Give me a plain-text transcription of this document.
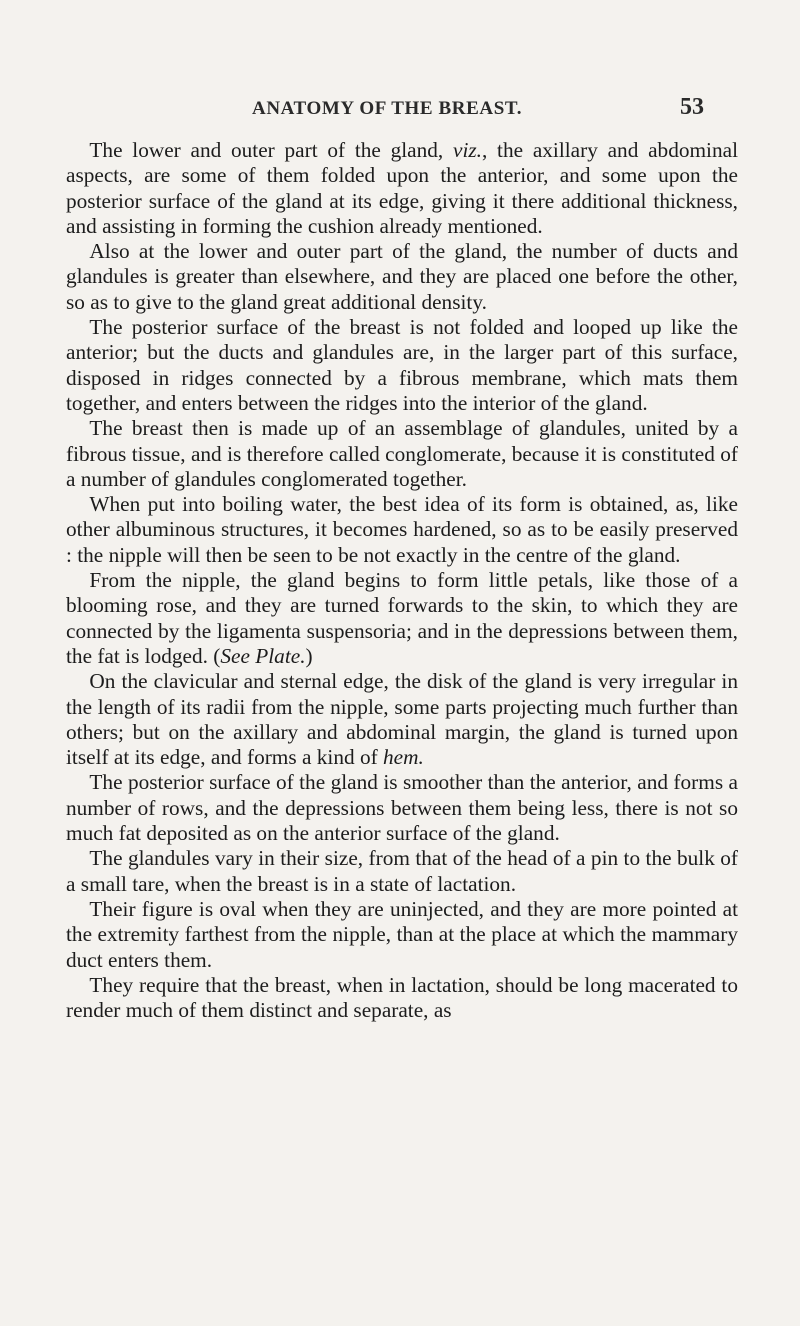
ANATOMY OF THE BREAST.	53

The lower and outer part of the gland, viz., the axillary and abdominal aspects, are some of them folded upon the anterior, and some upon the posterior surface of the gland at its edge, giving it there additional thickness, and assisting in forming the cushion already mentioned.

Also at the lower and outer part of the gland, the number of ducts and glandules is greater than elsewhere, and they are placed one before the other, so as to give to the gland great additional density.

The posterior surface of the breast is not folded and looped up like the anterior; but the ducts and glandules are, in the larger part of this surface, disposed in ridges connected by a fibrous membrane, which mats them together, and enters between the ridges into the interior of the gland.

The breast then is made up of an assemblage of glandules, united by a fibrous tissue, and is therefore called conglomerate, because it is constituted of a number of glandules conglomerated together.

When put into boiling water, the best idea of its form is obtained, as, like other albuminous structures, it becomes hardened, so as to be easily preserved : the nipple will then be seen to be not exactly in the centre of the gland.

From the nipple, the gland begins to form little petals, like those of a blooming rose, and they are turned forwards to the skin, to which they are connected by the ligamenta suspensoria; and in the depressions between them, the fat is lodged. (See Plate.)

On the clavicular and sternal edge, the disk of the gland is very irregular in the length of its radii from the nipple, some parts projecting much further than others; but on the axillary and abdominal margin, the gland is turned upon itself at its edge, and forms a kind of hem.

The posterior surface of the gland is smoother than the anterior, and forms a number of rows, and the depressions between them being less, there is not so much fat deposited as on the anterior surface of the gland.

The glandules vary in their size, from that of the head of a pin to the bulk of a small tare, when the breast is in a state of lactation.

Their figure is oval when they are uninjected, and they are more pointed at the extremity farthest from the nipple, than at the place at which the mammary duct enters them.

They require that the breast, when in lactation, should be long macerated to render much of them distinct and separate, as
